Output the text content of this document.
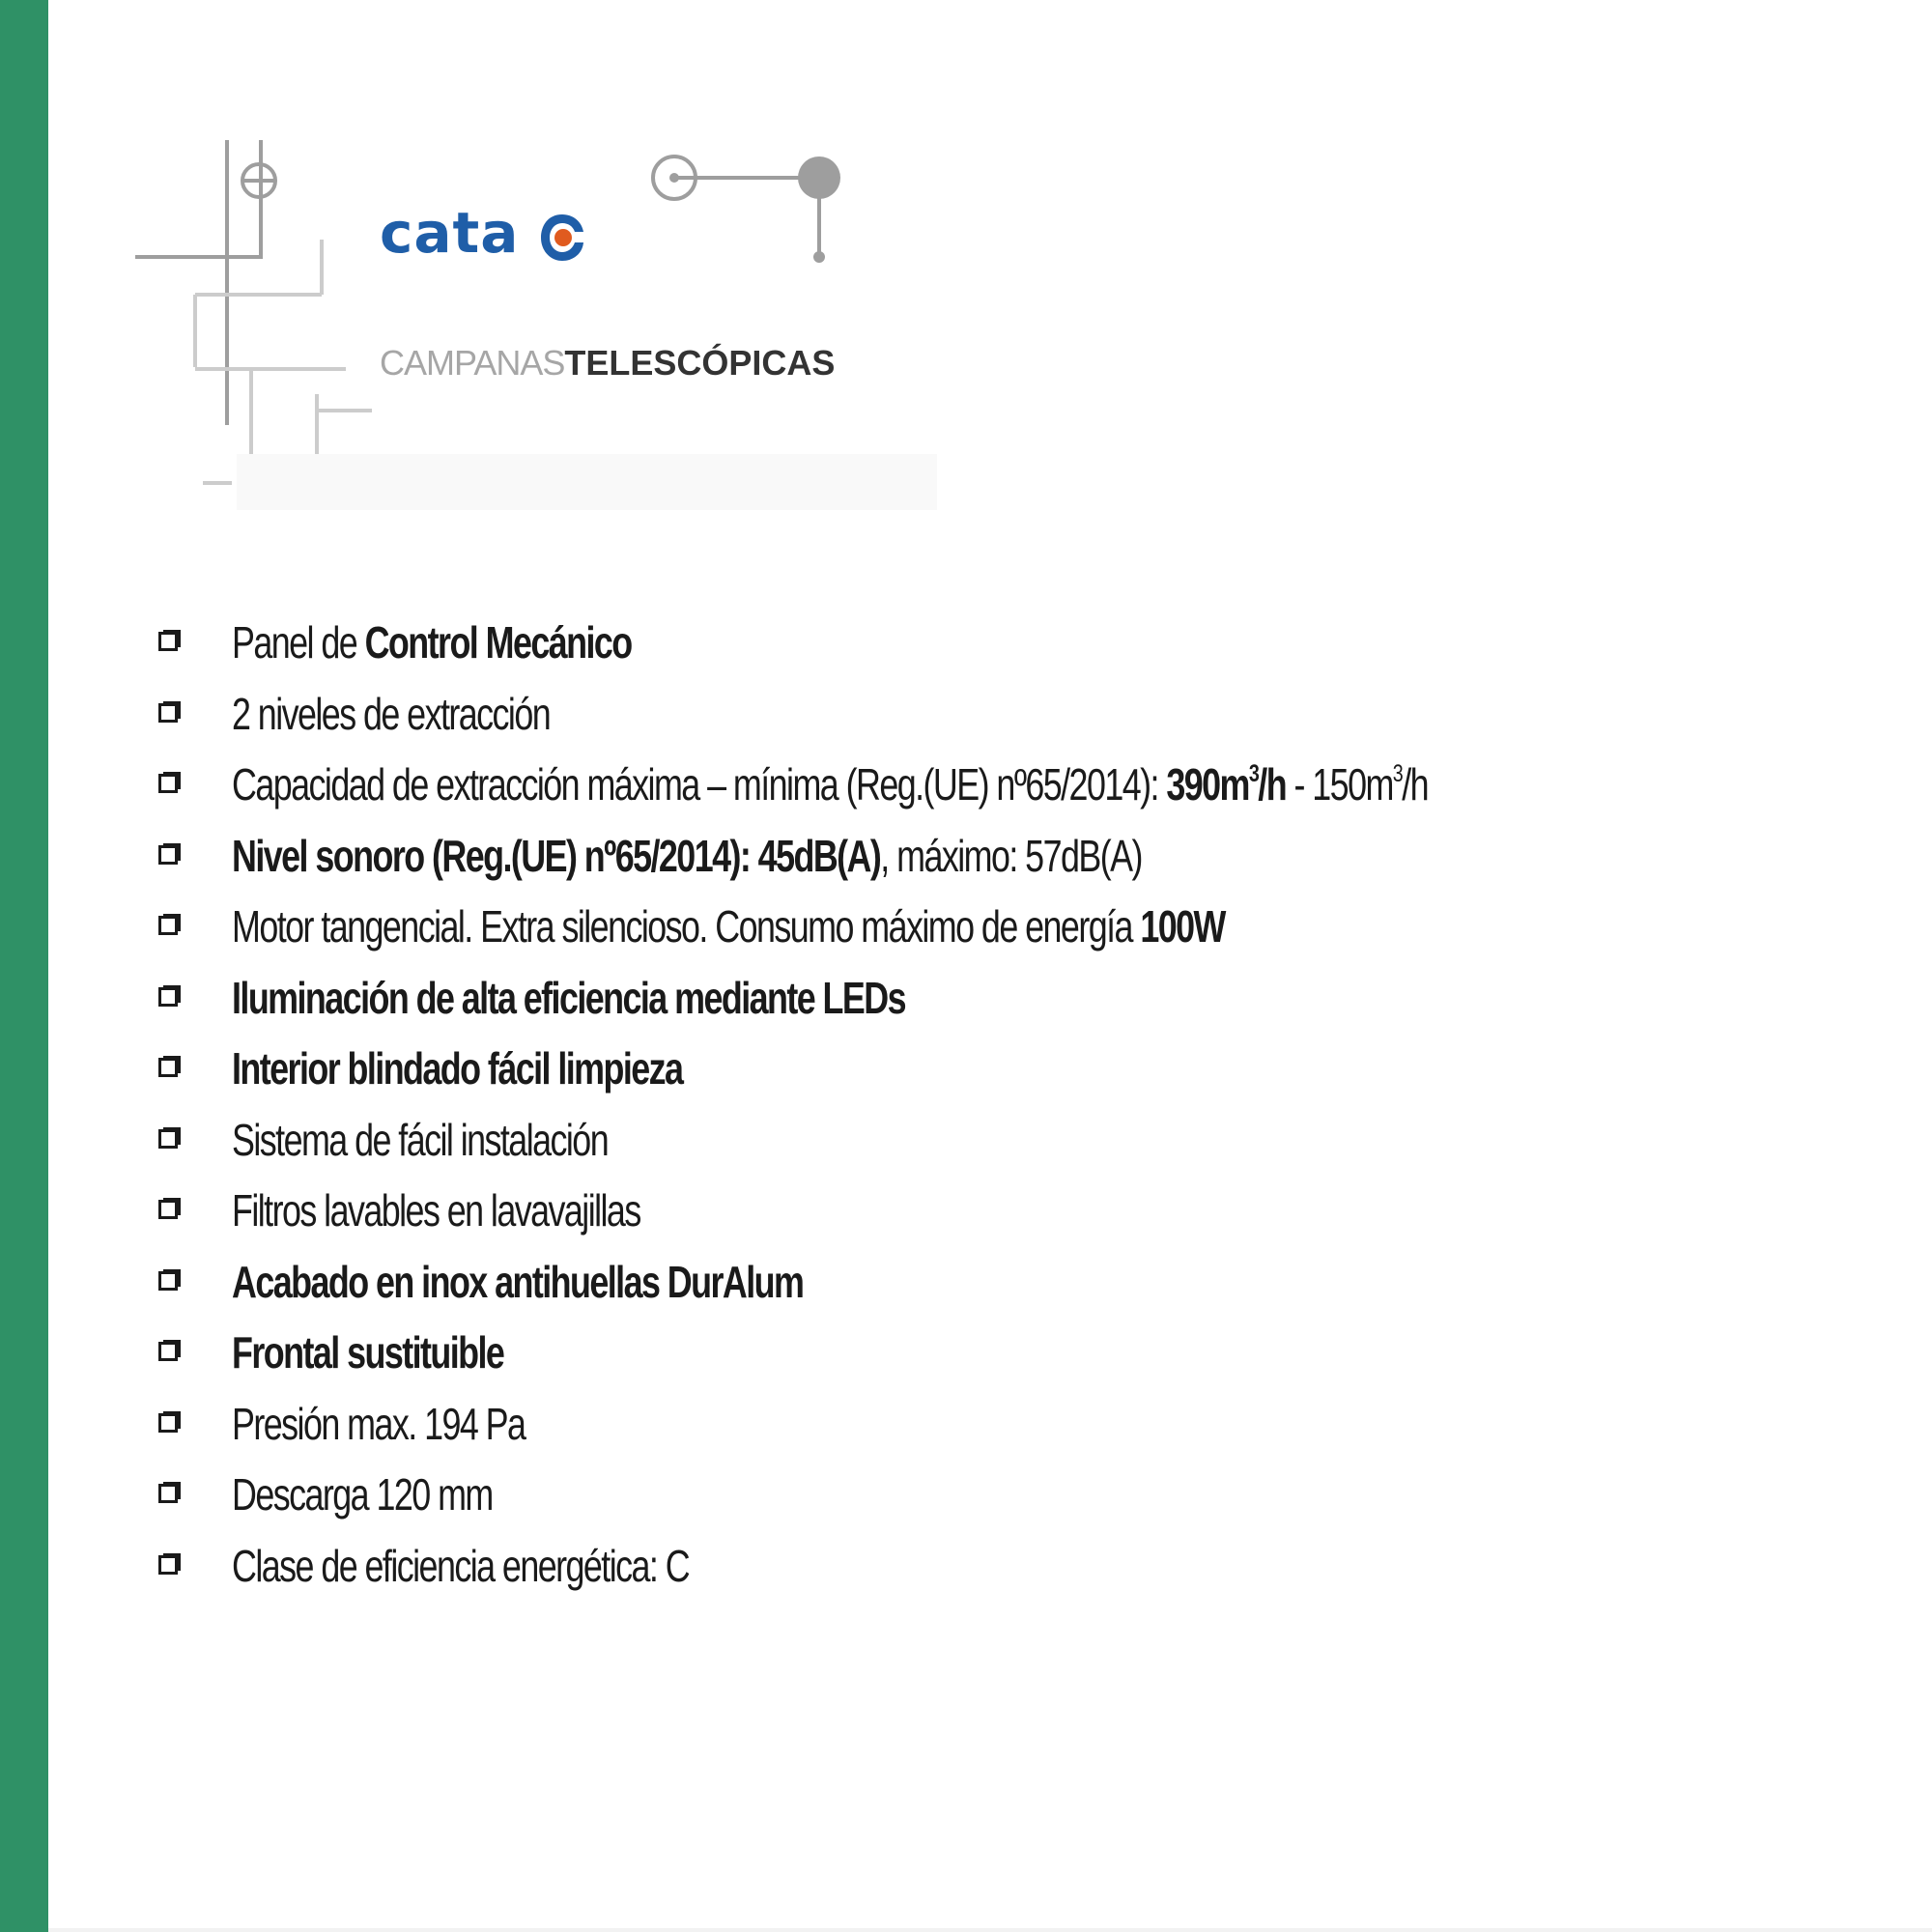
cata
CAMPANASTELESCÓPICAS
Panel de Control Mecánico
2 niveles de extracción
Capacidad de extracción máxima – mínima (Reg.(UE) nº65/2014): $390m^3/h - 150m^3/h$
Nivel sonoro (Reg.(UE) nº65/2014): 45dB(A), máximo: 57dB(A)
Motor tangencial. Extra silencioso. Consumo máximo de energía 100W
Iluminación de alta eficiencia mediante LEDs
Interior blindado fácil limpieza
Sistema de fácil instalación
Filtros lavables en lavavajillas
Acabado en inox antihuellas DurAlum
Frontal sustituible
Presión max. 194 Pa
Descarga 120 mm
Clase de eficiencia energética: C
